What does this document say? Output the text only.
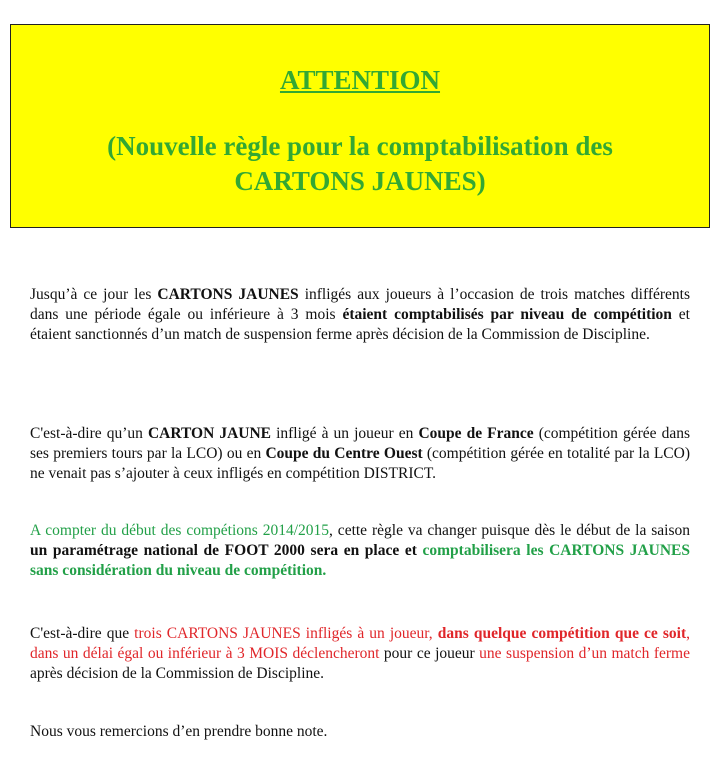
ATTENTION
(Nouvelle règle pour la comptabilisation des
CARTONS JAUNES)

Jusqu’à ce jour les CARTONS JAUNES infligés aux joueurs à l’occasion de trois matches différents dans une période égale ou inférieure à 3 mois étaient comptabilisés par niveau de compétition et étaient sanctionnés d’un match de suspension ferme après décision de la Commission de Discipline.

C'est-à-dire qu’un CARTON JAUNE infligé à un joueur en Coupe de France (compétition gérée dans ses premiers tours par la LCO) ou en Coupe du Centre Ouest (compétition gérée en totalité par la LCO) ne venait pas s’ajouter à ceux infligés en compétition DISTRICT.

A compter du début des compétions 2014/2015, cette règle va changer puisque dès le début de la saison un paramétrage national de FOOT 2000 sera en place et comptabilisera les CARTONS JAUNES sans considération du niveau de compétition.

C'est-à-dire que trois CARTONS JAUNES infligés à un joueur, dans quelque compétition que ce soit, dans un délai égal ou inférieur à 3 MOIS déclencheront pour ce joueur une suspension d’un match ferme après décision de la Commission de Discipline.

Nous vous remercions d’en prendre bonne note.
